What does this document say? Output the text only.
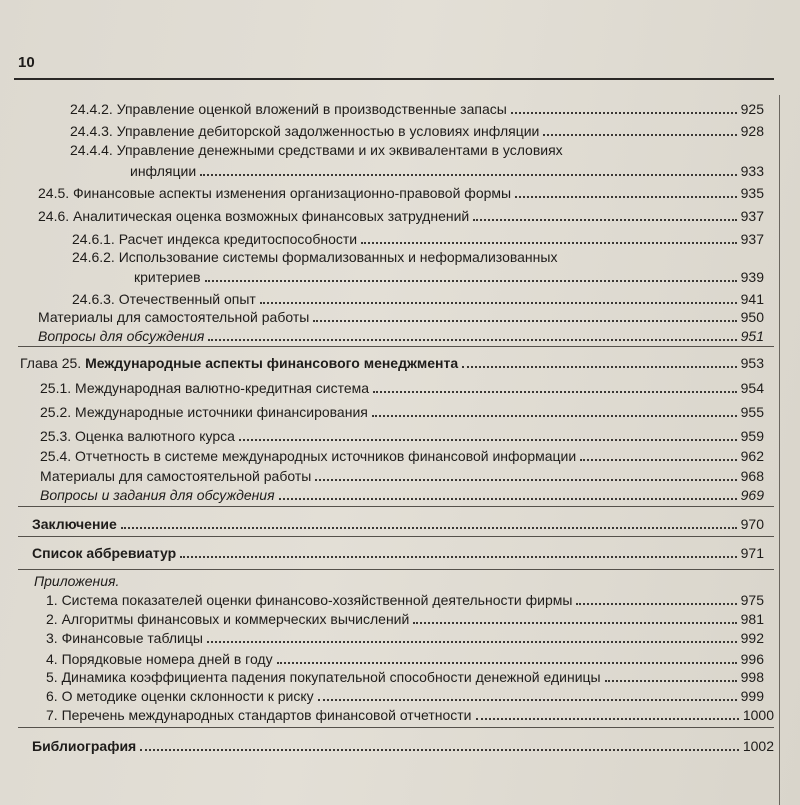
10
24.4.2. Управление оценкой вложений в производственные запасы	925
24.4.3. Управление дебиторской задолженностью в условиях инфляции	928
24.4.4. Управление денежными средствами и их эквивалентами в условиях
инфляции	933
24.5. Финансовые аспекты изменения организационно-правовой формы	935
24.6. Аналитическая оценка возможных финансовых затруднений	937
24.6.1. Расчет индекса кредитоспособности	937
24.6.2. Использование системы формализованных и неформализованных
критериев	939
24.6.3. Отечественный опыт	941
Материалы для самостоятельной работы	950
Вопросы для обсуждения	951
Глава 25. Международные аспекты финансового менеджмента	953
25.1. Международная валютно-кредитная система	954
25.2. Международные источники финансирования	955
25.3. Оценка валютного курса	959
25.4. Отчетность в системе международных источников финансовой информации	962
Материалы для самостоятельной работы	968
Вопросы и задания для обсуждения	969
Заключение	970
Список аббревиатур	971
Приложения.
1. Система показателей оценки финансово-хозяйственной деятельности фирмы	975
2. Алгоритмы финансовых и коммерческих вычислений	981
3. Финансовые таблицы	992
4. Порядковые номера дней в году	996
5. Динамика коэффициента падения покупательной способности денежной единицы	998
6. О методике оценки склонности к риску	999
7. Перечень международных стандартов финансовой отчетности	1000
Библиография	1002
